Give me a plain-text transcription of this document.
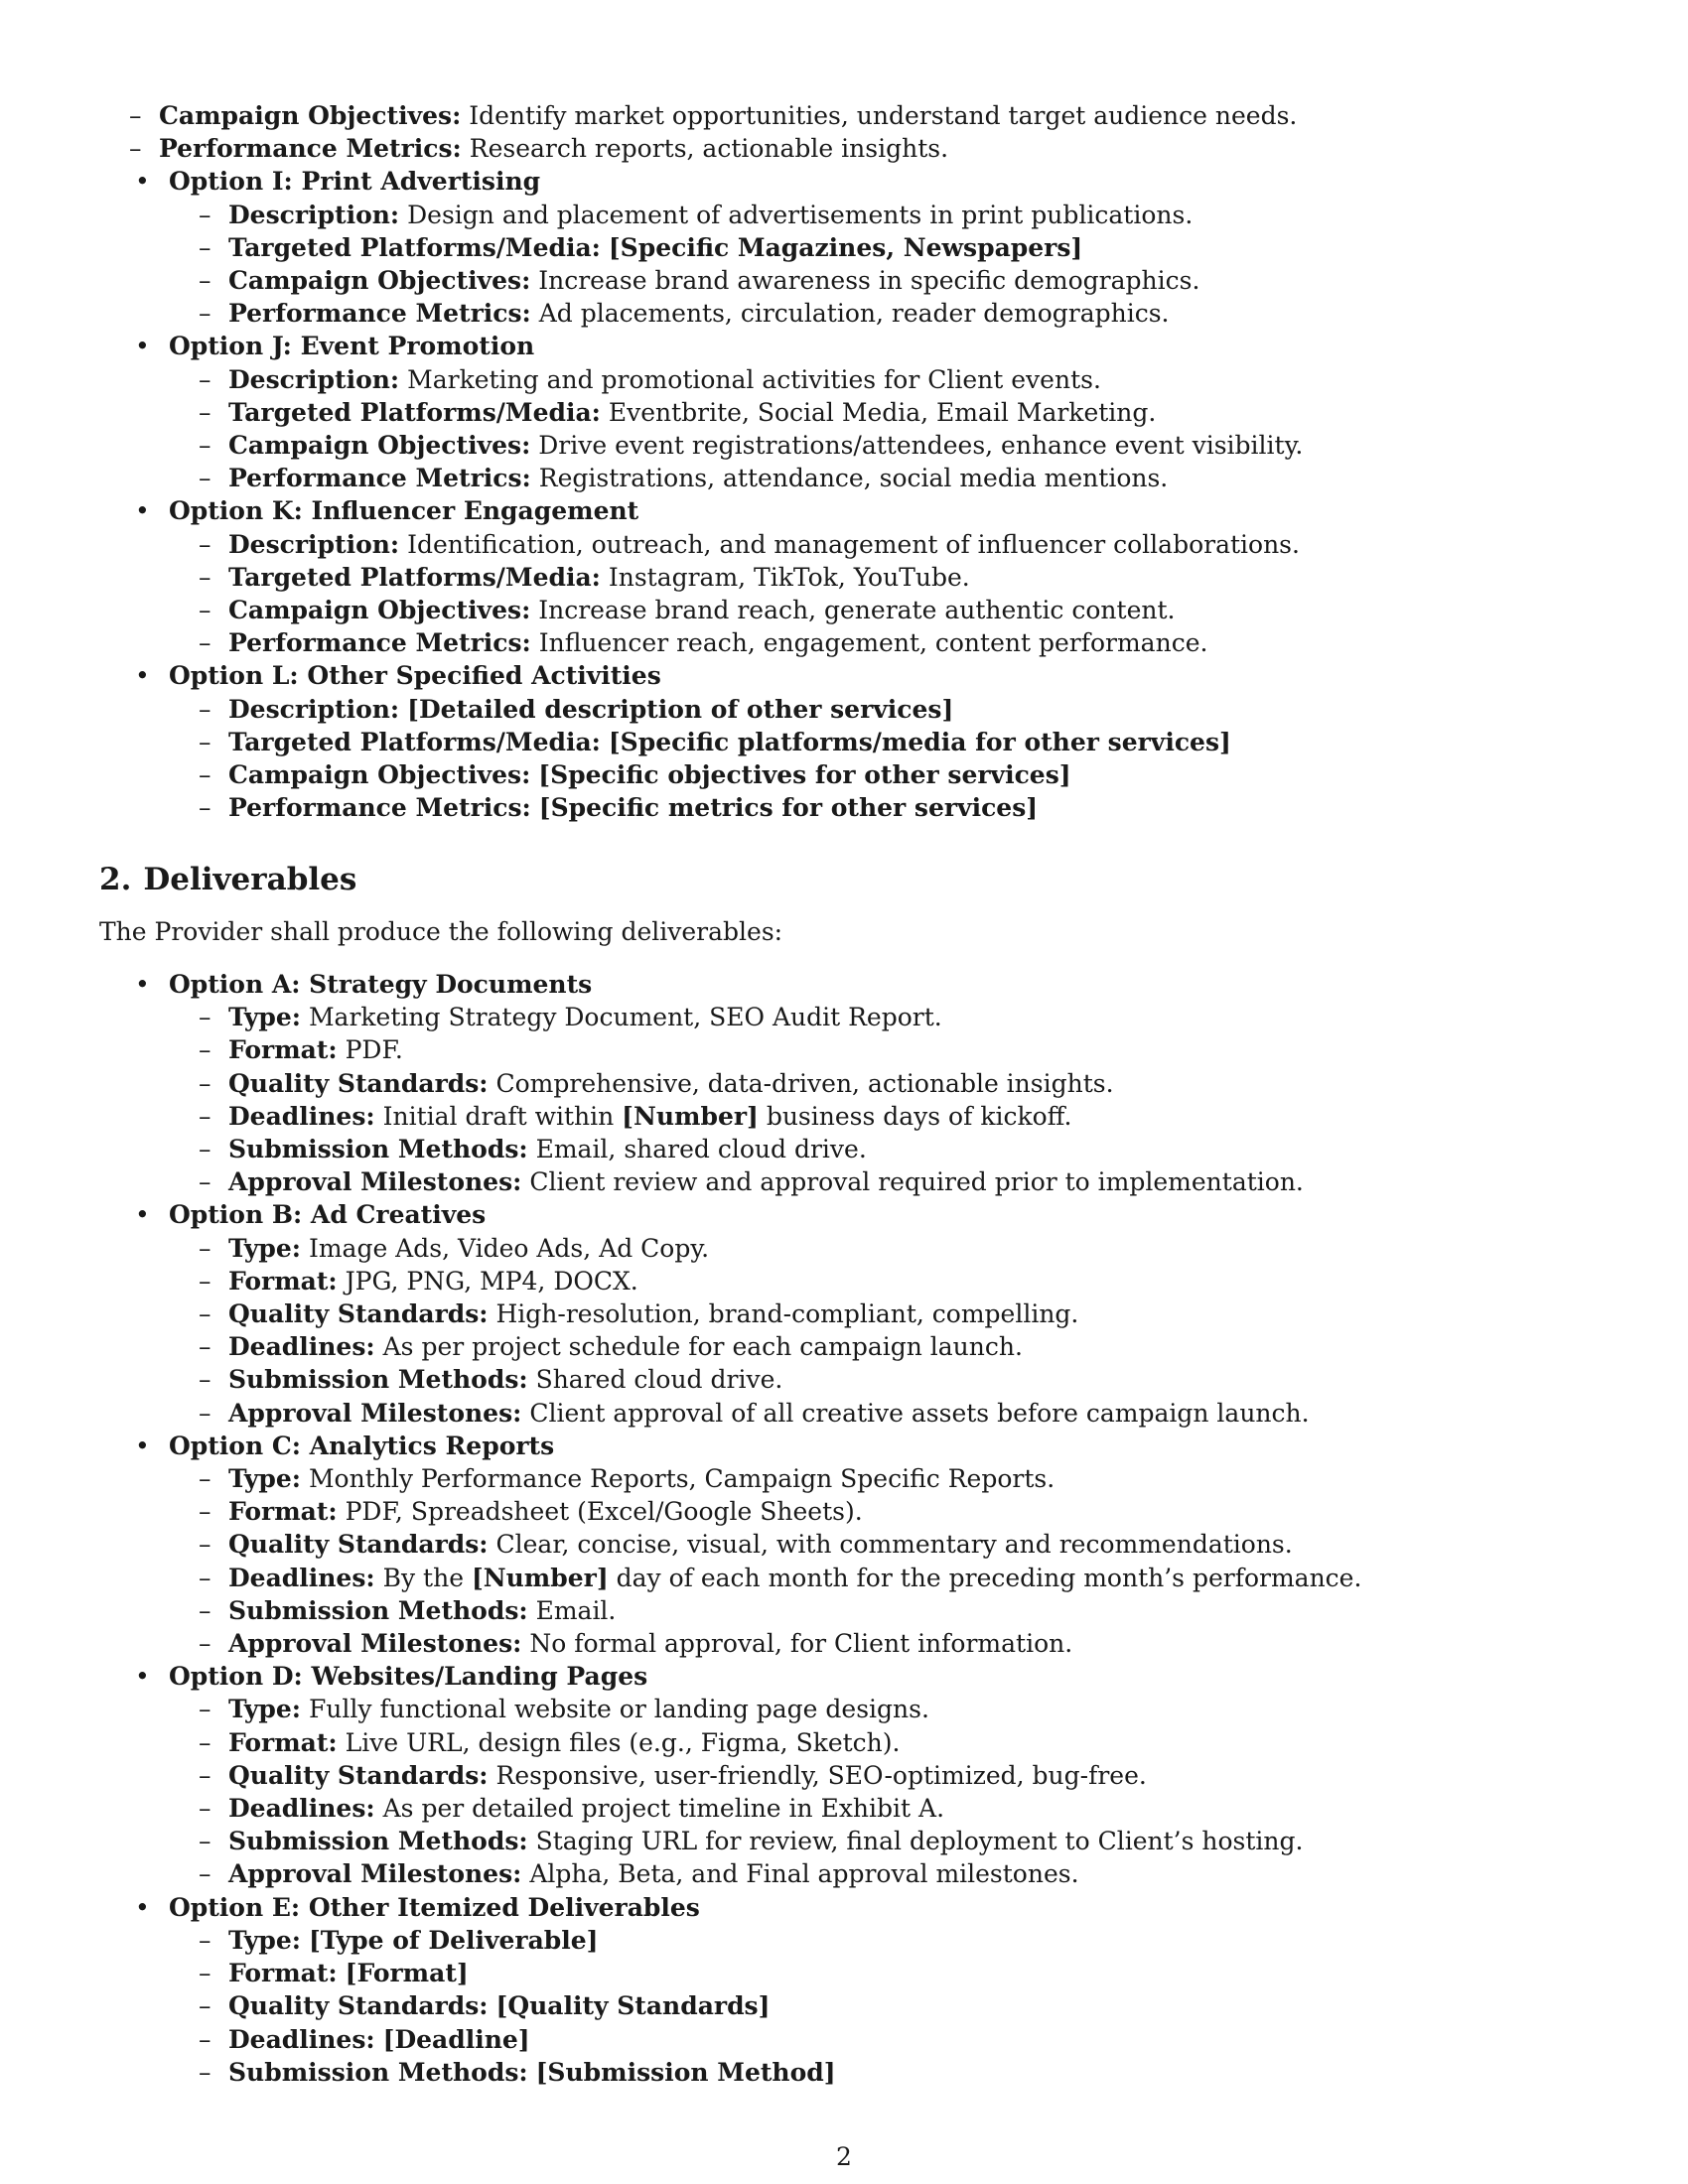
– Campaign Objectives: Identify market opportunities, understand target audience needs.
– Performance Metrics: Research reports, actionable insights.
• Option I: Print Advertising
– Description: Design and placement of advertisements in print publications.
– Targeted Platforms/Media: [Specific Magazines, Newspapers]
– Campaign Objectives: Increase brand awareness in specific demographics.
– Performance Metrics: Ad placements, circulation, reader demographics.
• Option J: Event Promotion
– Description: Marketing and promotional activities for Client events.
– Targeted Platforms/Media: Eventbrite, Social Media, Email Marketing.
– Campaign Objectives: Drive event registrations/attendees, enhance event visibility.
– Performance Metrics: Registrations, attendance, social media mentions.
• Option K: Influencer Engagement
– Description: Identification, outreach, and management of influencer collaborations.
– Targeted Platforms/Media: Instagram, TikTok, YouTube.
– Campaign Objectives: Increase brand reach, generate authentic content.
– Performance Metrics: Influencer reach, engagement, content performance.
• Option L: Other Specified Activities
– Description: [Detailed description of other services]
– Targeted Platforms/Media: [Specific platforms/media for other services]
– Campaign Objectives: [Specific objectives for other services]
– Performance Metrics: [Specific metrics for other services]
2. Deliverables
The Provider shall produce the following deliverables:
• Option A: Strategy Documents
– Type: Marketing Strategy Document, SEO Audit Report.
– Format: PDF.
– Quality Standards: Comprehensive, data-driven, actionable insights.
– Deadlines: Initial draft within [Number] business days of kickoff.
– Submission Methods: Email, shared cloud drive.
– Approval Milestones: Client review and approval required prior to implementation.
• Option B: Ad Creatives
– Type: Image Ads, Video Ads, Ad Copy.
– Format: JPG, PNG, MP4, DOCX.
– Quality Standards: High-resolution, brand-compliant, compelling.
– Deadlines: As per project schedule for each campaign launch.
– Submission Methods: Shared cloud drive.
– Approval Milestones: Client approval of all creative assets before campaign launch.
• Option C: Analytics Reports
– Type: Monthly Performance Reports, Campaign Specific Reports.
– Format: PDF, Spreadsheet (Excel/Google Sheets).
– Quality Standards: Clear, concise, visual, with commentary and recommendations.
– Deadlines: By the [Number] day of each month for the preceding month’s performance.
– Submission Methods: Email.
– Approval Milestones: No formal approval, for Client information.
• Option D: Websites/Landing Pages
– Type: Fully functional website or landing page designs.
– Format: Live URL, design files (e.g., Figma, Sketch).
– Quality Standards: Responsive, user-friendly, SEO-optimized, bug-free.
– Deadlines: As per detailed project timeline in Exhibit A.
– Submission Methods: Staging URL for review, final deployment to Client’s hosting.
– Approval Milestones: Alpha, Beta, and Final approval milestones.
• Option E: Other Itemized Deliverables
– Type: [Type of Deliverable]
– Format: [Format]
– Quality Standards: [Quality Standards]
– Deadlines: [Deadline]
– Submission Methods: [Submission Method]
2
